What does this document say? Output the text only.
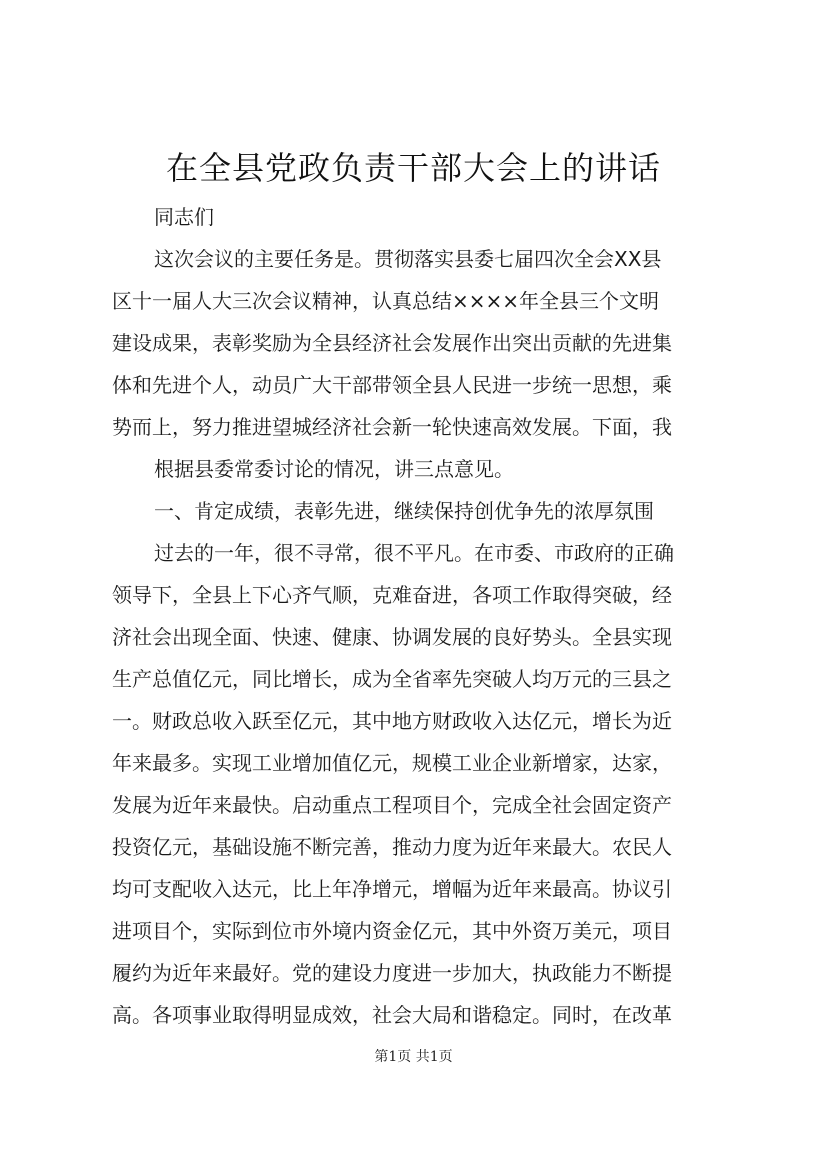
在全县党政负责干部大会上的讲话
同志们
这次会议的主要任务是。贯彻落实县委七届四次全会XX县
区十一届人大三次会议精神，认真总结××××年全县三个文明
建设成果，表彰奖励为全县经济社会发展作出突出贡献的先进集
体和先进个人，动员广大干部带领全县人民进一步统一思想，乘
势而上，努力推进望城经济社会新一轮快速高效发展。下面，我
根据县委常委讨论的情况，讲三点意见。
一、肯定成绩，表彰先进，继续保持创优争先的浓厚氛围
过去的一年，很不寻常，很不平凡。在市委、市政府的正确
领导下，全县上下心齐气顺，克难奋进，各项工作取得突破，经
济社会出现全面、快速、健康、协调发展的良好势头。全县实现
生产总值亿元，同比增长，成为全省率先突破人均万元的三县之
一。财政总收入跃至亿元，其中地方财政收入达亿元，增长为近
年来最多。实现工业增加值亿元，规模工业企业新增家，达家，
发展为近年来最快。启动重点工程项目个，完成全社会固定资产
投资亿元，基础设施不断完善，推动力度为近年来最大。农民人
均可支配收入达元，比上年净增元，增幅为近年来最高。协议引
进项目个，实际到位市外境内资金亿元，其中外资万美元，项目
履约为近年来最好。党的建设力度进一步加大，执政能力不断提
高。各项事业取得明显成效，社会大局和谐稳定。同时，在改革
第1页 共1页
